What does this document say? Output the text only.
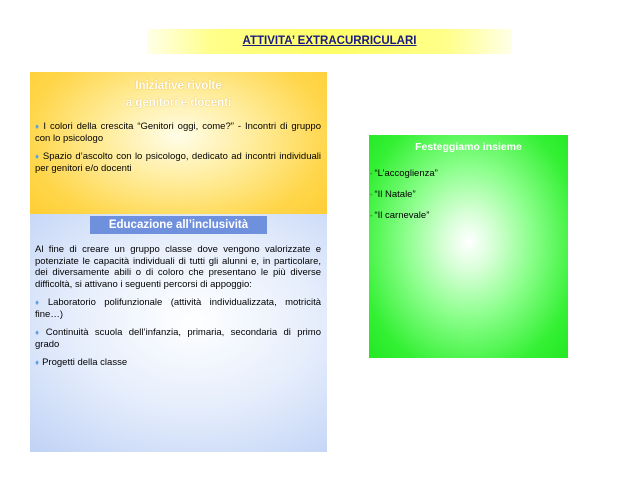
ATTIVITA’ EXTRACURRICULARI
Iniziative rivolte
a genitori e docenti
♦ I colori della crescita “Genitori oggi, come?” - Incontri di gruppo con lo psicologo
♦ Spazio d’ascolto con lo psicologo, dedicato ad incontri individuali per genitori e/o docenti
Educazione all’inclusività
Al fine di creare un gruppo classe dove vengono valorizzate e potenziate le capacità individuali di tutti gli alunni e, in particolare, dei diversamente abili o di coloro che presentano le più diverse difficoltà, si attivano i seguenti percorsi di appoggio:
♦ Laboratorio polifunzionale (attività individualizzata, motricità fine…)
♦ Continuità scuola dell’infanzia, primaria, secondaria di primo grado
♦ Progetti della classe
Festeggiamo insieme
• “L’accoglienza”
• “Il Natale”
• “Il carnevale”
